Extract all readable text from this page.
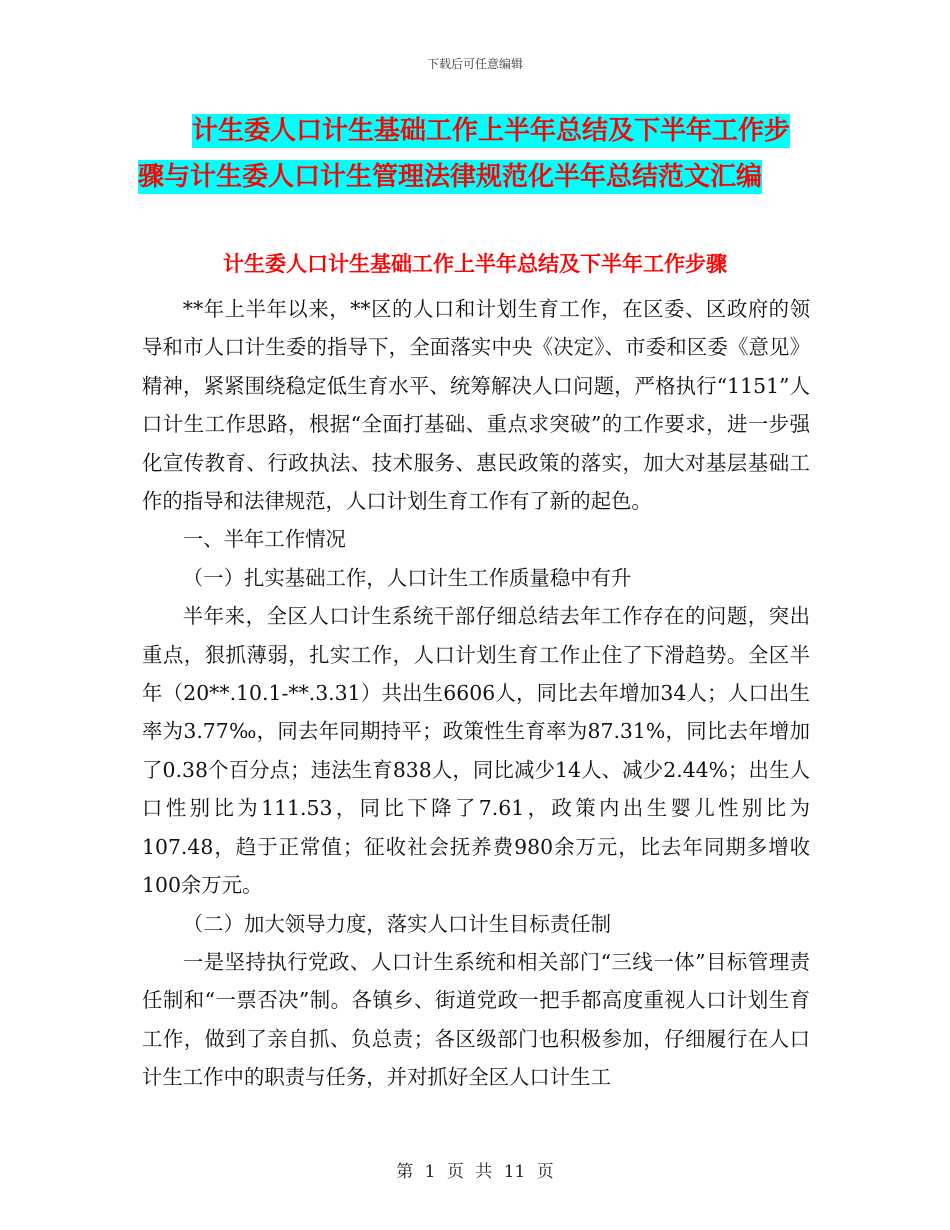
下载后可任意编辑
计生委人口计生基础工作上半年总结及下半年工作步
骤与计生委人口计生管理法律规范化半年总结范文汇编
计生委人口计生基础工作上半年总结及下半年工作步骤

**年上半年以来，**区的人口和计划生育工作，在区委、区政府的领导和市人口计生委的指导下，全面落实中央《决定》、市委和区委《意见》精神，紧紧围绕稳定低生育水平、统筹解决人口问题，严格执行“1151”人口计生工作思路，根据“全面打基础、重点求突破”的工作要求，进一步强化宣传教育、行政执法、技术服务、惠民政策的落实，加大对基层基础工作的指导和法律规范，人口计划生育工作有了新的起色。

一、半年工作情况

（一）扎实基础工作，人口计生工作质量稳中有升

半年来，全区人口计生系统干部仔细总结去年工作存在的问题，突出重点，狠抓薄弱，扎实工作，人口计划生育工作止住了下滑趋势。全区半年（20**.10.1-**.3.31）共出生6606人，同比去年增加34人；人口出生率为3.77‰，同去年同期持平；政策性生育率为87.31%，同比去年增加了0.38个百分点；违法生育838人，同比减少14人、减少2.44%；出生人口性别比为111.53，同比下降了7.61，政策内出生婴儿性别比为107.48，趋于正常值；征收社会抚养费980余万元，比去年同期多增收100余万元。

（二）加大领导力度，落实人口计生目标责任制

一是坚持执行党政、人口计生系统和相关部门“三线一体”目标管理责任制和“一票否决”制。各镇乡、街道党政一把手都高度重视人口计划生育工作，做到了亲自抓、负总责；各区级部门也积极参加，仔细履行在人口计生工作中的职责与任务，并对抓好全区人口计生工

第 1 页 共 11 页
